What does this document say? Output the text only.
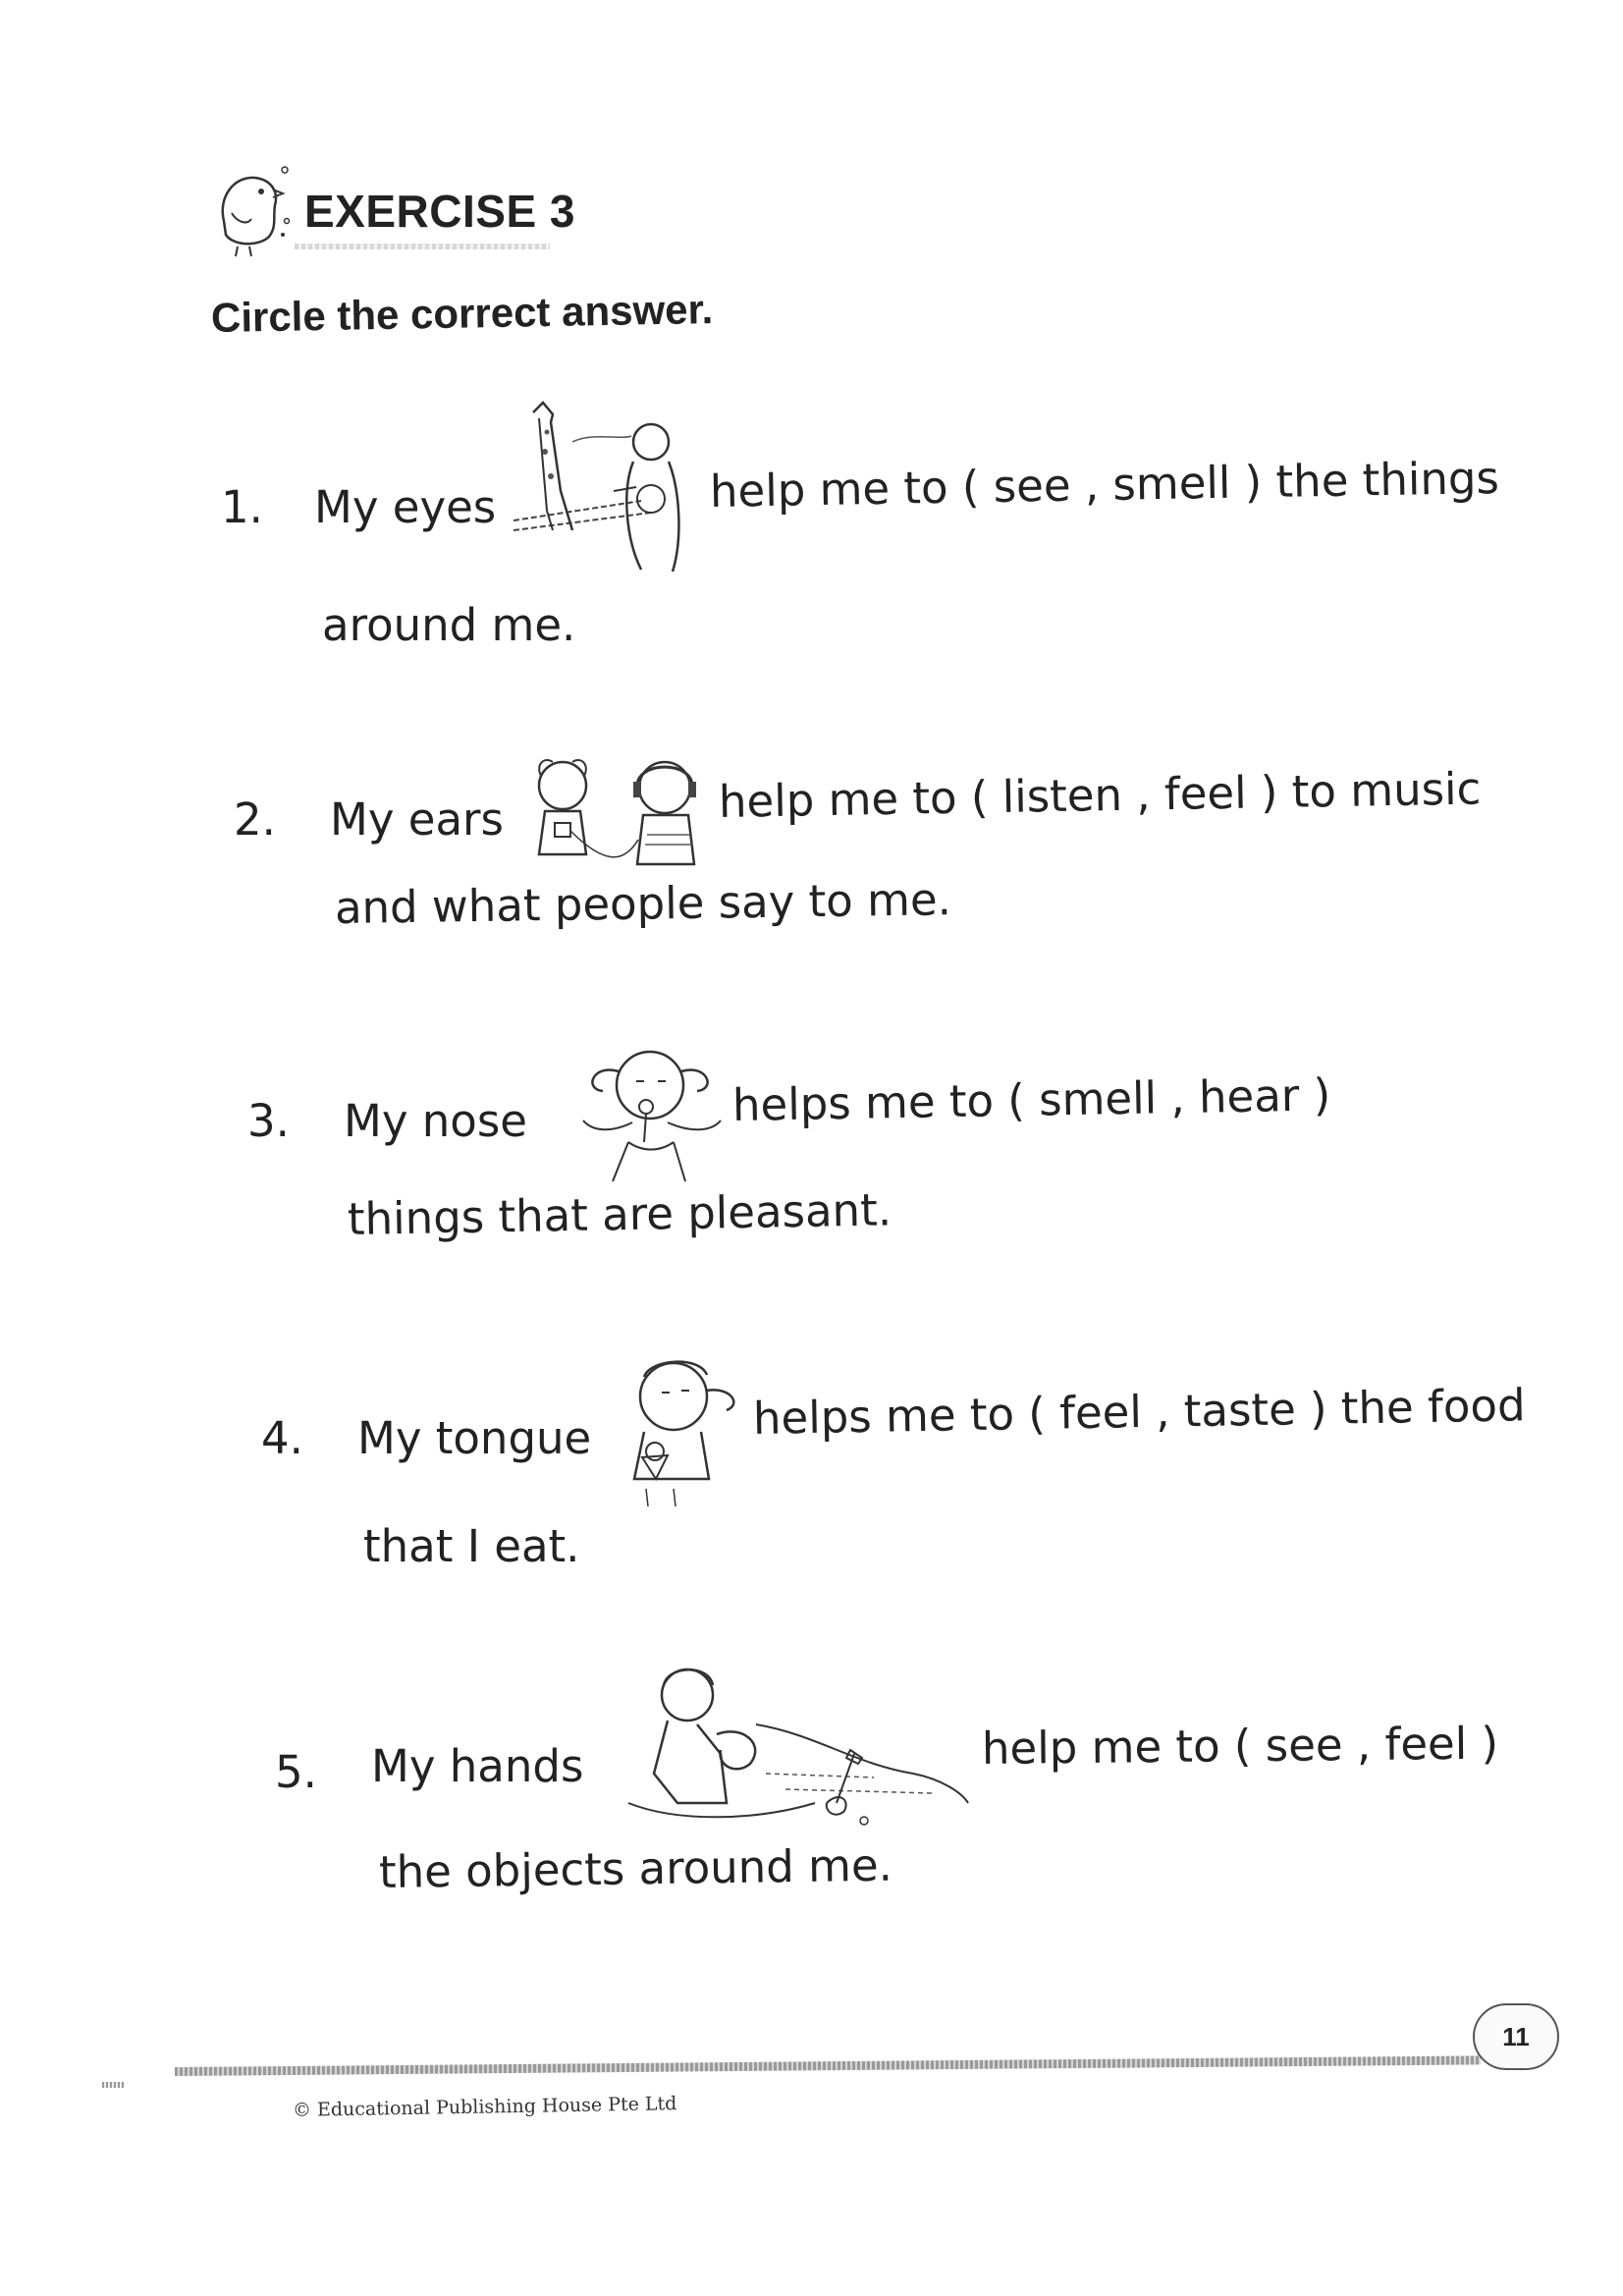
EXERCISE 3
Circle the correct answer.
1. My eyes	help me to ( see , smell ) the things
around me.
2. My ears	help me to ( listen , feel ) to music
and what people say to me.
3. My nose	helps me to ( smell , hear )
things that are pleasant.
4. My tongue	helps me to ( feel , taste ) the food
that I eat.
5. My hands	help me to ( see , feel )
the objects around me.
11
© Educational Publishing House Pte Ltd
